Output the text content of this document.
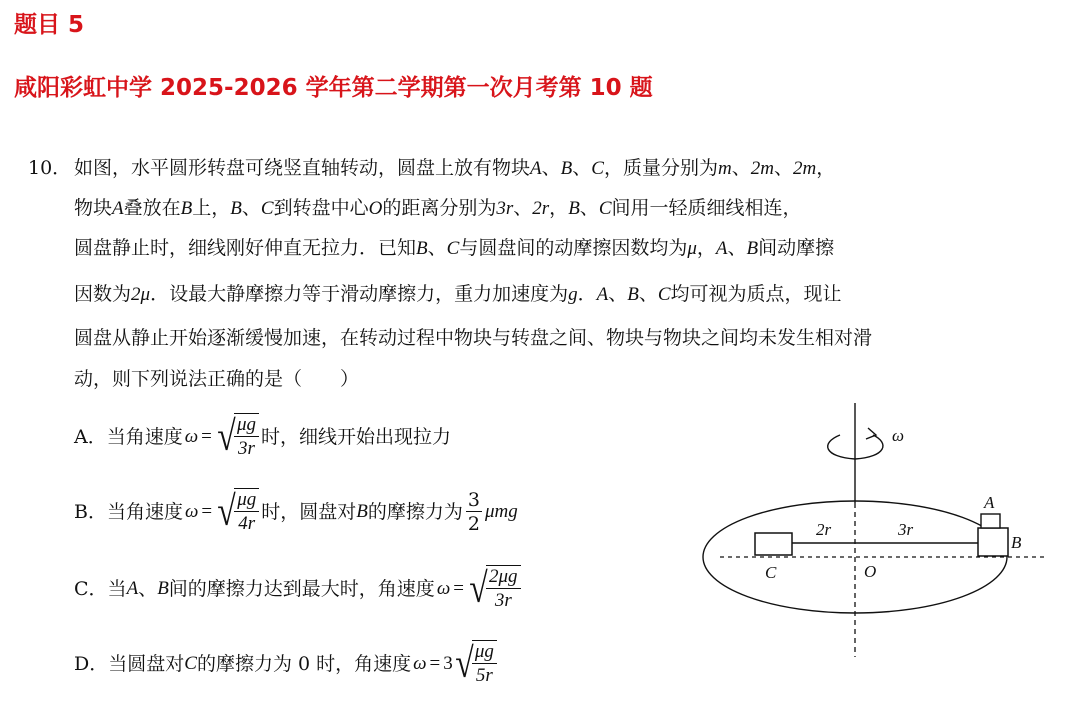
题目 5
咸阳彩虹中学 2025-2026 学年第二学期第一次月考第 10 题
10． 如图，水平圆形转盘可绕竖直轴转动，圆盘上放有物块A、B、C，质量分别为m、2m、2m，
物块A叠放在B上，B、C到转盘中心O的距离分别为3r、2r，B、C间用一轻质细线相连，
圆盘静止时，细线刚好伸直无拉力．已知B、C与圆盘间的动摩擦因数均为μ，A、B间动摩擦
因数为2μ．设最大静摩擦力等于滑动摩擦力，重力加速度为g．A、B、C均可视为质点，现让
圆盘从静止开始逐渐缓慢加速，在转动过程中物块与转盘之间、物块与物块之间均未发生相对滑
动，则下列说法正确的是（　　）
A． 当角速度 ω = √
$\frac{\mu g}{3r}$ 时，细线开始出现拉力
B． 当角速度 ω = √
$\frac{\mu g}{4r}$ 时，圆盘对 B 的摩擦力为 $\frac{3}{2}$ μmg
C． 当 A 、 B 间的摩擦力达到最大时，角速度 ω = √
$\frac{2\mu g}{3r}$
D． 当圆盘对 C 的摩擦力为 0 时，角速度 ω = 3 √
$\frac{\mu g}{5r}$
ω
2r	3r
A
B
C	O
